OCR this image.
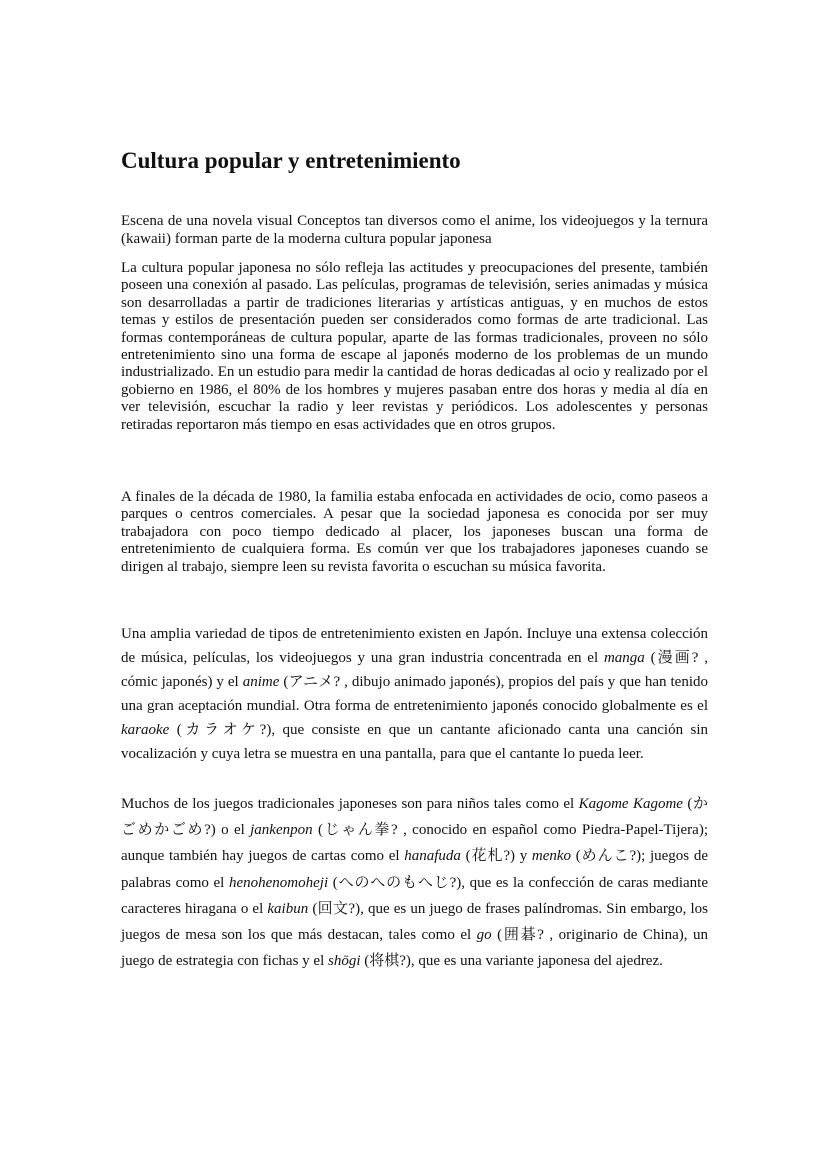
Cultura popular y entretenimiento

Escena de una novela visual Conceptos tan diversos como el anime, los videojuegos y la ternura (kawaii) forman parte de la moderna cultura popular japonesa

La cultura popular japonesa no sólo refleja las actitudes y preocupaciones del presente, también poseen una conexión al pasado. Las películas, programas de televisión, series animadas y música son desarrolladas a partir de tradiciones literarias y artísticas antiguas, y en muchos de estos temas y estilos de presentación pueden ser considerados como formas de arte tradicional. Las formas contemporáneas de cultura popular, aparte de las formas tradicionales, proveen no sólo entretenimiento sino una forma de escape al japonés moderno de los problemas de un mundo industrializado. En un estudio para medir la cantidad de horas dedicadas al ocio y realizado por el gobierno en 1986, el 80% de los hombres y mujeres pasaban entre dos horas y media al día en ver televisión, escuchar la radio y leer revistas y periódicos. Los adolescentes y personas retiradas reportaron más tiempo en esas actividades que en otros grupos.

A finales de la década de 1980, la familia estaba enfocada en actividades de ocio, como paseos a parques o centros comerciales. A pesar que la sociedad japonesa es conocida por ser muy trabajadora con poco tiempo dedicado al placer, los japoneses buscan una forma de entretenimiento de cualquiera forma. Es común ver que los trabajadores japoneses cuando se dirigen al trabajo, siempre leen su revista favorita o escuchan su música favorita.

Una amplia variedad de tipos de entretenimiento existen en Japón. Incluye una extensa colección de música, películas, los videojuegos y una gran industria concentrada en el manga (漫画? , cómic japonés) y el anime (アニメ? , dibujo animado japonés), propios del país y que han tenido una gran aceptación mundial. Otra forma de entretenimiento japonés conocido globalmente es el karaoke (カラオケ?), que consiste en que un cantante aficionado canta una canción sin vocalización y cuya letra se muestra en una pantalla, para que el cantante lo pueda leer.

Muchos de los juegos tradicionales japoneses son para niños tales como el Kagome Kagome (かごめかごめ?) o el jankenpon (じゃん拳? , conocido en español como Piedra-Papel-Tijera); aunque también hay juegos de cartas como el hanafuda (花札?) y menko (めんこ?); juegos de palabras como el henohenomoheji (へのへのもへじ?), que es la confección de caras mediante caracteres hiragana o el kaibun (回文?), que es un juego de frases palíndromas. Sin embargo, los juegos de mesa son los que más destacan, tales como el go (囲碁? , originario de China), un juego de estrategia con fichas y el shōgi (将棋?), que es una variante japonesa del ajedrez.
